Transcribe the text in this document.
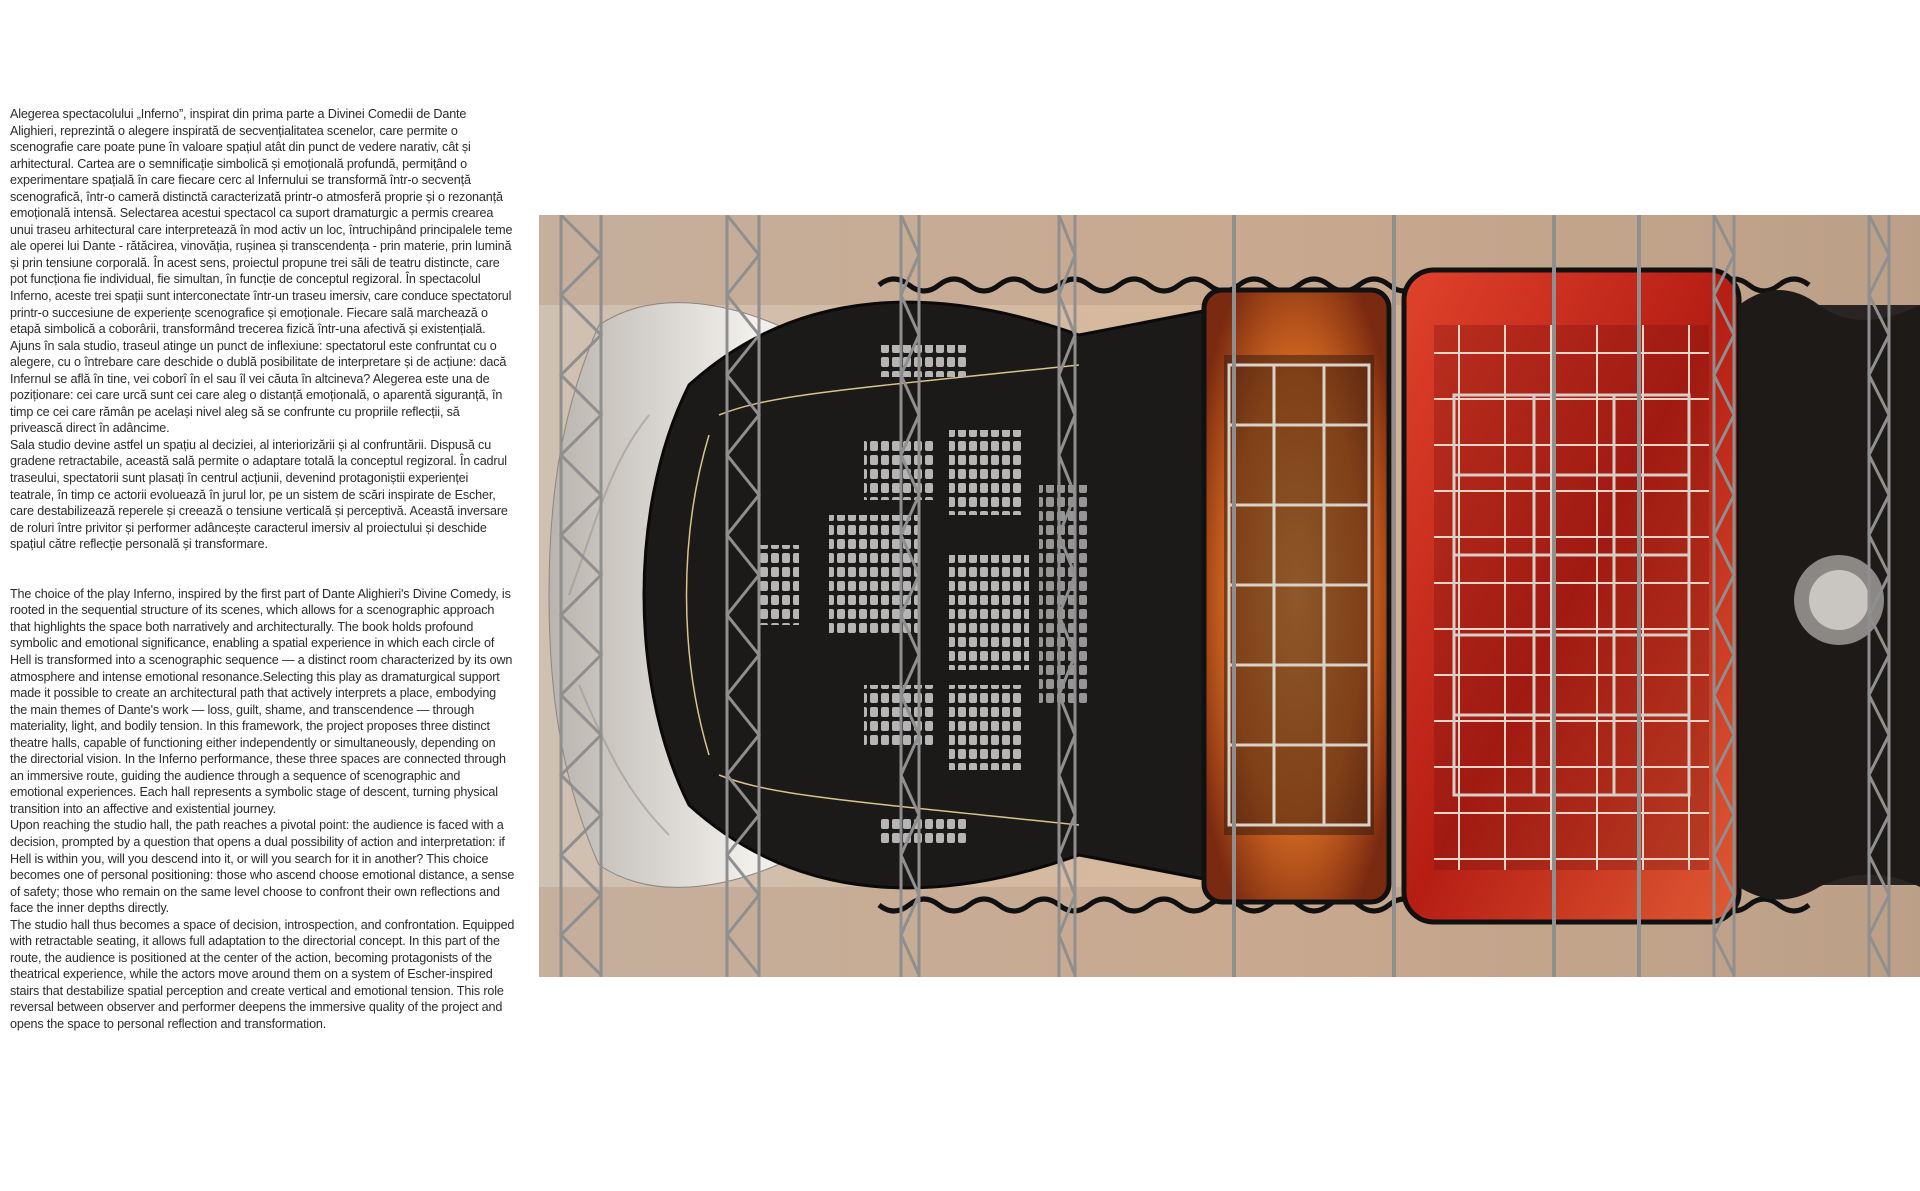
Alegerea spectacolului „Inferno”, inspirat din prima parte a Divinei Comedii de Dante Alighieri, reprezintă o alegere inspirată de secvențialitatea scenelor, care permite o scenografie care poate pune în valoare spațiul atât din punct de vedere narativ, cât și arhitectural. Cartea are o semnificație simbolică și emoțională profundă, permițând o experimentare spațială în care fiecare cerc al Infernului se transformă într-o secvență scenografică, într-o cameră distinctă caracterizată printr-o atmosferă proprie și o rezonanță emoțională intensă. Selectarea acestui spectacol ca suport dramaturgic a permis crearea unui traseu arhitectural care interpretează în mod activ un loc, întruchipând principalele teme ale operei lui Dante - rătăcirea, vinovăția, rușinea și transcendența - prin materie, prin lumină și prin tensiune corporală. În acest sens, proiectul propune trei săli de teatru distincte, care pot funcționa fie individual, fie simultan, în funcție de conceptul regizoral. În spectacolul Inferno, aceste trei spații sunt interconectate într-un traseu imersiv, care conduce spectatorul printr-o succesiune de experiențe scenografice și emoționale. Fiecare sală marchează o etapă simbolică a coborârii, transformând trecerea fizică într-una afectivă și existențială.

Ajuns în sala studio, traseul atinge un punct de inflexiune: spectatorul este confruntat cu o alegere, cu o întrebare care deschide o dublă posibilitate de interpretare și de acțiune: dacă Infernul se află în tine, vei coborî în el sau îl vei căuta în altcineva? Alegerea este una de poziționare: cei care urcă sunt cei care aleg o distanță emoțională, o aparentă siguranță, în timp ce cei care rămân pe același nivel aleg să se confrunte cu propriile reflecții, să privească direct în adâncime.

Sala studio devine astfel un spațiu al deciziei, al interiorizării și al confruntării. Dispusă cu gradene retractabile, această sală permite o adaptare totală la conceptul regizoral. În cadrul traseului, spectatorii sunt plasați în centrul acțiunii, devenind protagoniștii experienței teatrale, în timp ce actorii evoluează în jurul lor, pe un sistem de scări inspirate de Escher, care destabilizează reperele și creează o tensiune verticală și perceptivă. Această inversare de roluri între privitor și performer adâncește caracterul imersiv al proiectului și deschide spațiul către reflecție personală și transformare.

The choice of the play Inferno, inspired by the first part of Dante Alighieri's Divine Comedy, is rooted in the sequential structure of its scenes, which allows for a scenographic approach that highlights the space both narratively and architecturally. The book holds profound symbolic and emotional significance, enabling a spatial experience in which each circle of Hell is transformed into a scenographic sequence — a distinct room characterized by its own atmosphere and intense emotional resonance.Selecting this play as dramaturgical support made it possible to create an architectural path that actively interprets a place, embodying the main themes of Dante's work — loss, guilt, shame, and transcendence — through materiality, light, and bodily tension. In this framework, the project proposes three distinct theatre halls, capable of functioning either independently or simultaneously, depending on the directorial vision. In the Inferno performance, these three spaces are connected through an immersive route, guiding the audience through a sequence of scenographic and emotional experiences. Each hall represents a symbolic stage of descent, turning physical transition into an affective and existential journey.

Upon reaching the studio hall, the path reaches a pivotal point: the audience is faced with a decision, prompted by a question that opens a dual possibility of action and interpretation: if Hell is within you, will you descend into it, or will you search for it in another? This choice becomes one of personal positioning: those who ascend choose emotional distance, a sense of safety; those who remain on the same level choose to confront their own reflections and face the inner depths directly.

The studio hall thus becomes a space of decision, introspection, and confrontation. Equipped with retractable seating, it allows full adaptation to the directorial concept. In this part of the route, the audience is positioned at the center of the action, becoming protagonists of the theatrical experience, while the actors move around them on a system of Escher-inspired stairs that destabilize spatial perception and create vertical and emotional tension. This role reversal between observer and performer deepens the immersive quality of the project and opens the space to personal reflection and transformation.
